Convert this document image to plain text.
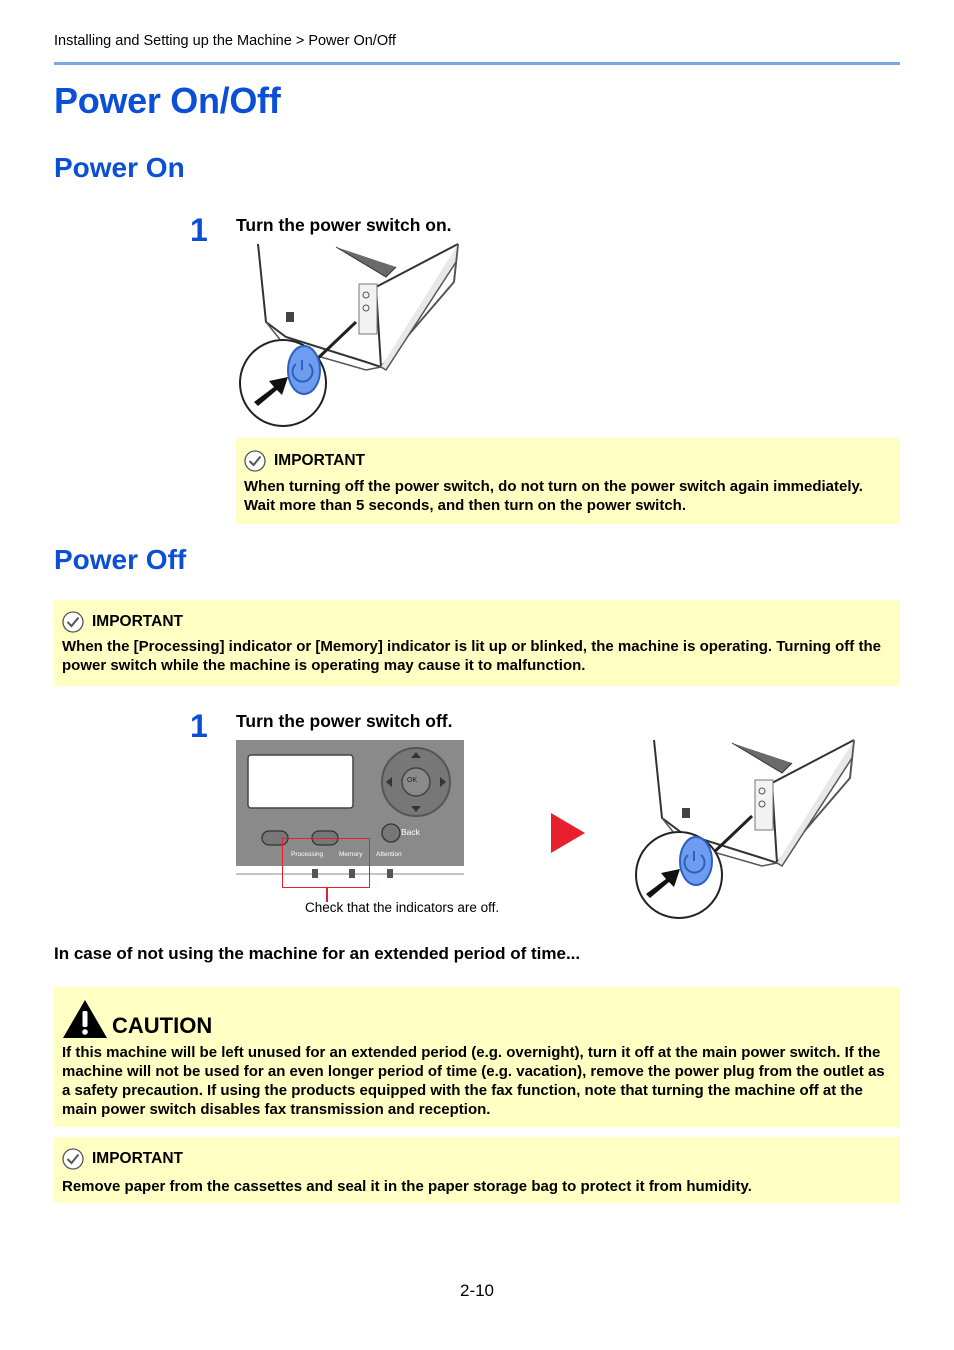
Installing and Setting up the Machine > Power On/Off
Power On/Off
Power On
1	Turn the power switch on.
IMPORTANT
When turning off the power switch, do not turn on the power switch again immediately. Wait more than 5 seconds, and then turn on the power switch.
Power Off
IMPORTANT
When the [Processing] indicator or [Memory] indicator is lit up or blinked, the machine is operating. Turning off the power switch while the machine is operating may cause it to malfunction.
1	Turn the power switch off.
OK
Back
Processing Memory Attention
Check that the indicators are off.
In case of not using the machine for an extended period of time...
CAUTION
If this machine will be left unused for an extended period (e.g. overnight), turn it off at the main power switch. If the machine will not be used for an even longer period of time (e.g. vacation), remove the power plug from the outlet as a safety precaution. If using the products equipped with the fax function, note that turning the machine off at the main power switch disables fax transmission and reception.
IMPORTANT
Remove paper from the cassettes and seal it in the paper storage bag to protect it from humidity.
2-10
